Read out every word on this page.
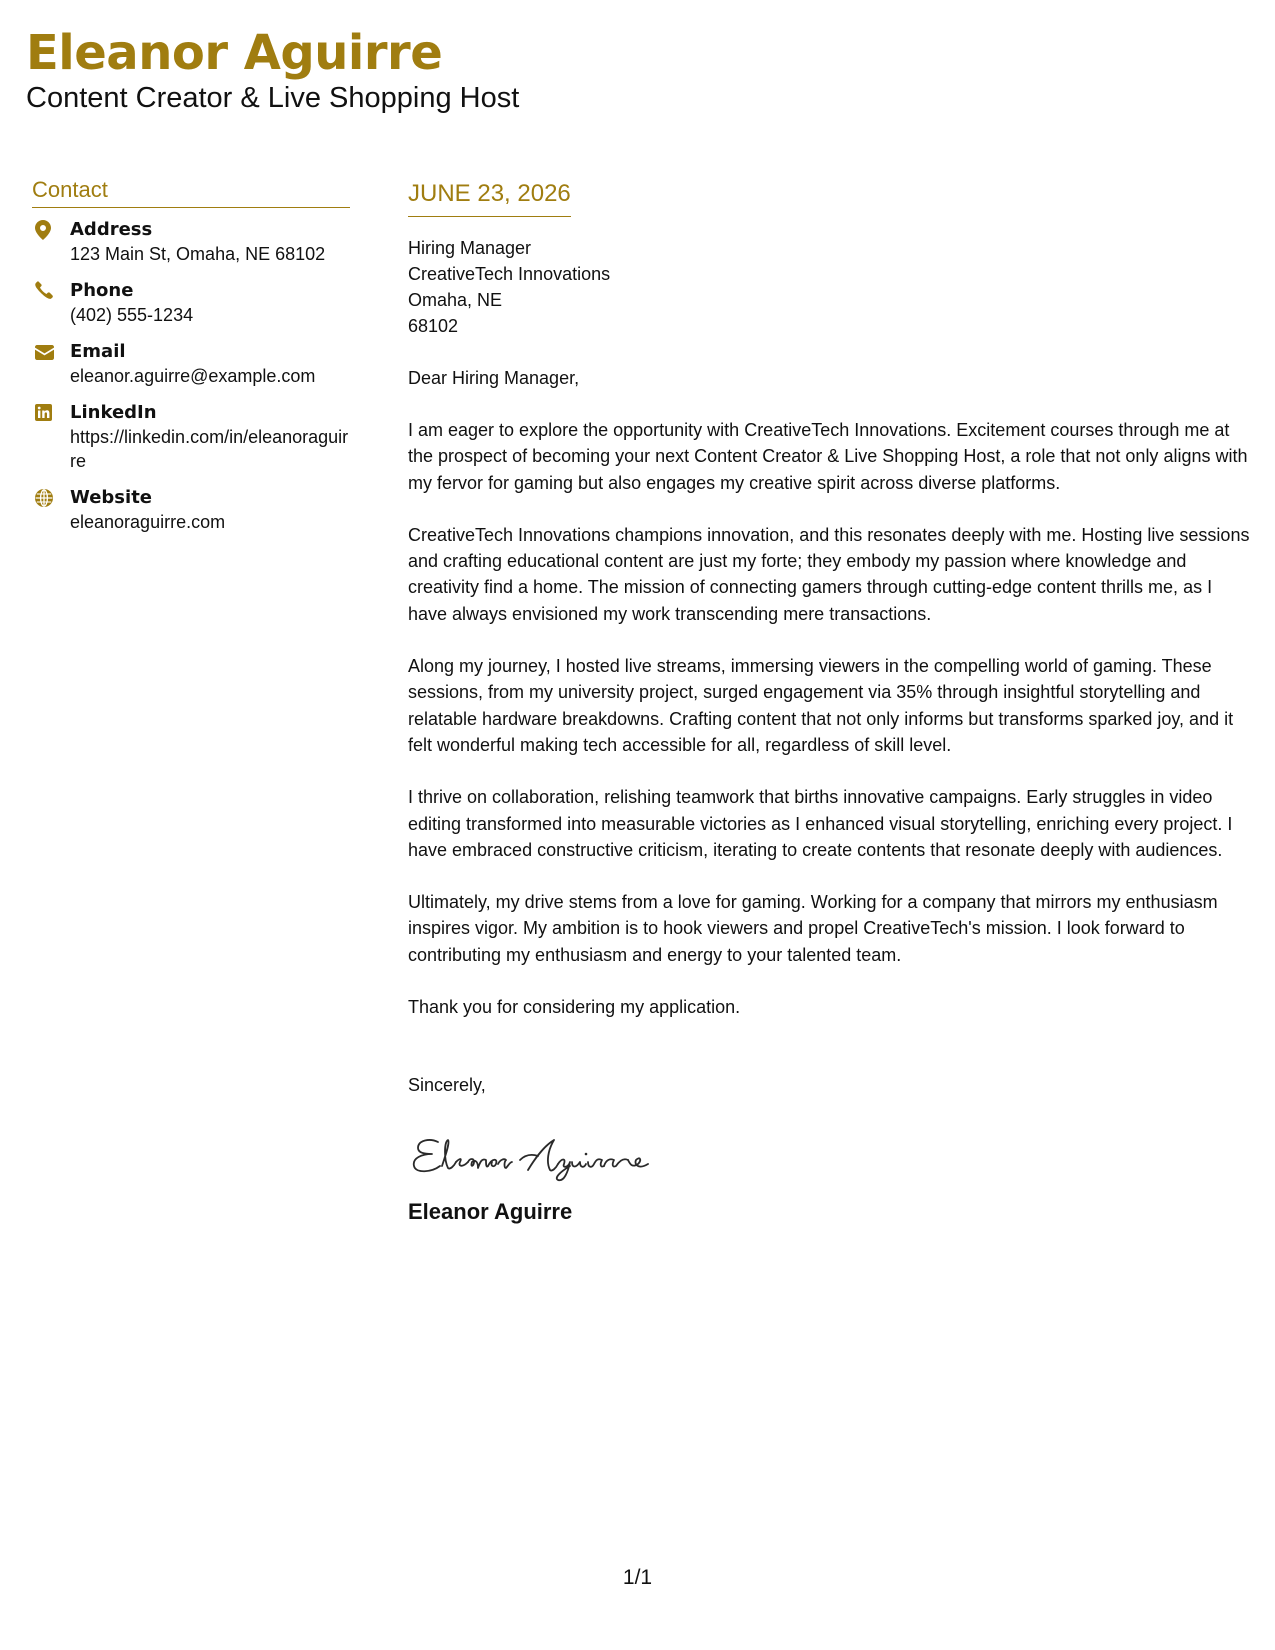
Eleanor Aguirre
Content Creator & Live Shopping Host
Contact
Address
123 Main St, Omaha, NE 68102
Phone
(402) 555-1234
Email
eleanor.aguirre@example.com
LinkedIn
https://linkedin.com/in/eleanoraguirre
Website
eleanoraguirre.com
JUNE 23, 2026
Hiring Manager
CreativeTech Innovations
Omaha, NE
68102
Dear Hiring Manager,
I am eager to explore the opportunity with CreativeTech Innovations. Excitement courses through me at the prospect of becoming your next Content Creator & Live Shopping Host, a role that not only aligns with my fervor for gaming but also engages my creative spirit across diverse platforms.
CreativeTech Innovations champions innovation, and this resonates deeply with me. Hosting live sessions and crafting educational content are just my forte; they embody my passion where knowledge and creativity find a home. The mission of connecting gamers through cutting-edge content thrills me, as I have always envisioned my work transcending mere transactions.
Along my journey, I hosted live streams, immersing viewers in the compelling world of gaming. These sessions, from my university project, surged engagement via 35% through insightful storytelling and relatable hardware breakdowns. Crafting content that not only informs but transforms sparked joy, and it felt wonderful making tech accessible for all, regardless of skill level.
I thrive on collaboration, relishing teamwork that births innovative campaigns. Early struggles in video editing transformed into measurable victories as I enhanced visual storytelling, enriching every project. I have embraced constructive criticism, iterating to create contents that resonate deeply with audiences.
Ultimately, my drive stems from a love for gaming. Working for a company that mirrors my enthusiasm inspires vigor. My ambition is to hook viewers and propel CreativeTech's mission. I look forward to contributing my enthusiasm and energy to your talented team.
Thank you for considering my application.
Sincerely,
Eleanor Aguirre
1/1
